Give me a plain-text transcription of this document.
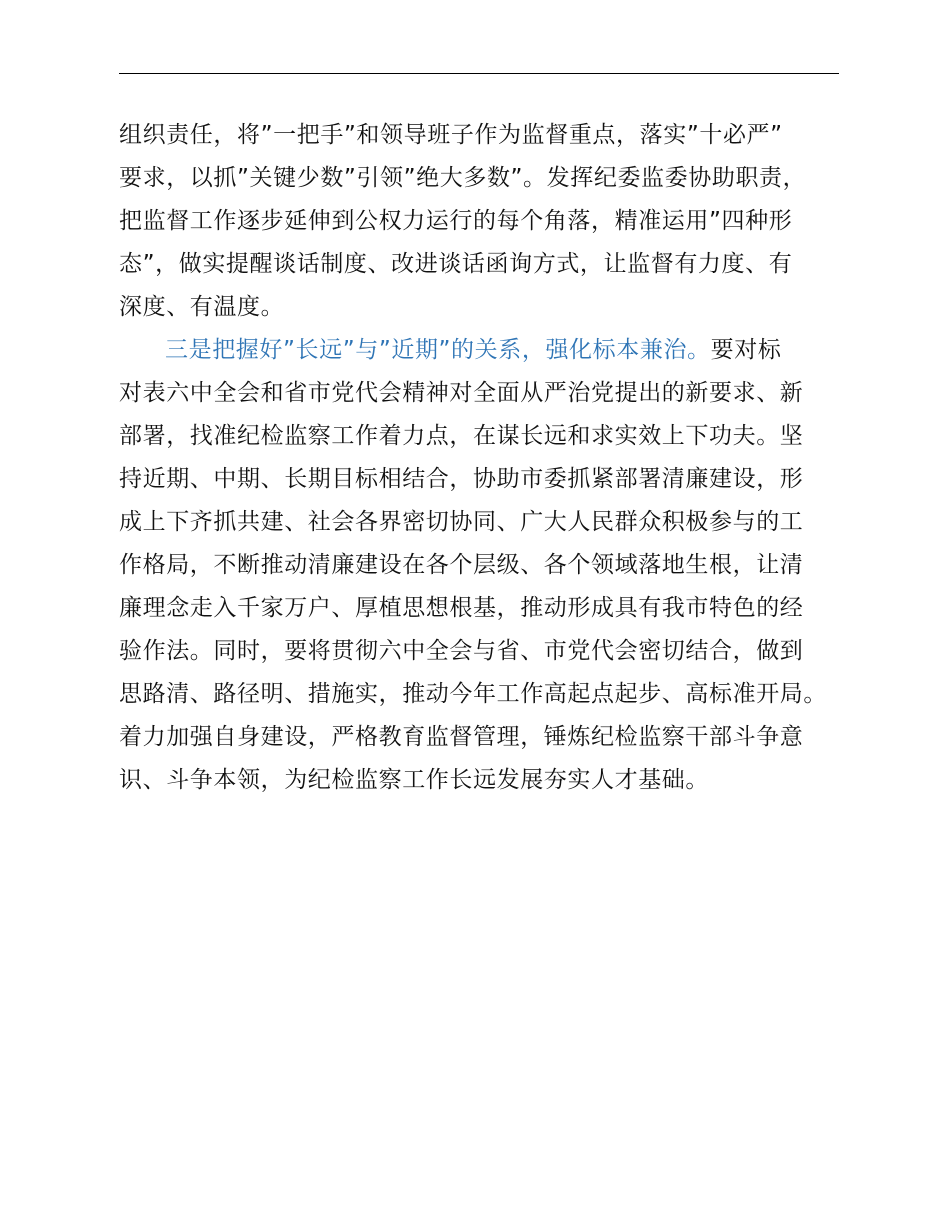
组织责任，将”一把手”和领导班子作为监督重点，落实”十必严”
要求，以抓”关键少数”引领”绝大多数”。发挥纪委监委协助职责，
把监督工作逐步延伸到公权力运行的每个角落，精准运用”四种形
态”，做实提醒谈话制度、改进谈话函询方式，让监督有力度、有
深度、有温度。
三是把握好”长远”与”近期”的关系，强化标本兼治。要对标
对表六中全会和省市党代会精神对全面从严治党提出的新要求、新
部署，找准纪检监察工作着力点，在谋长远和求实效上下功夫。坚
持近期、中期、长期目标相结合，协助市委抓紧部署清廉建设，形
成上下齐抓共建、社会各界密切协同、广大人民群众积极参与的工
作格局，不断推动清廉建设在各个层级、各个领域落地生根，让清
廉理念走入千家万户、厚植思想根基，推动形成具有我市特色的经
验作法。同时，要将贯彻六中全会与省、市党代会密切结合，做到
思路清、路径明、措施实，推动今年工作高起点起步、高标准开局。
着力加强自身建设，严格教育监督管理，锤炼纪检监察干部斗争意
识、斗争本领，为纪检监察工作长远发展夯实人才基础。
